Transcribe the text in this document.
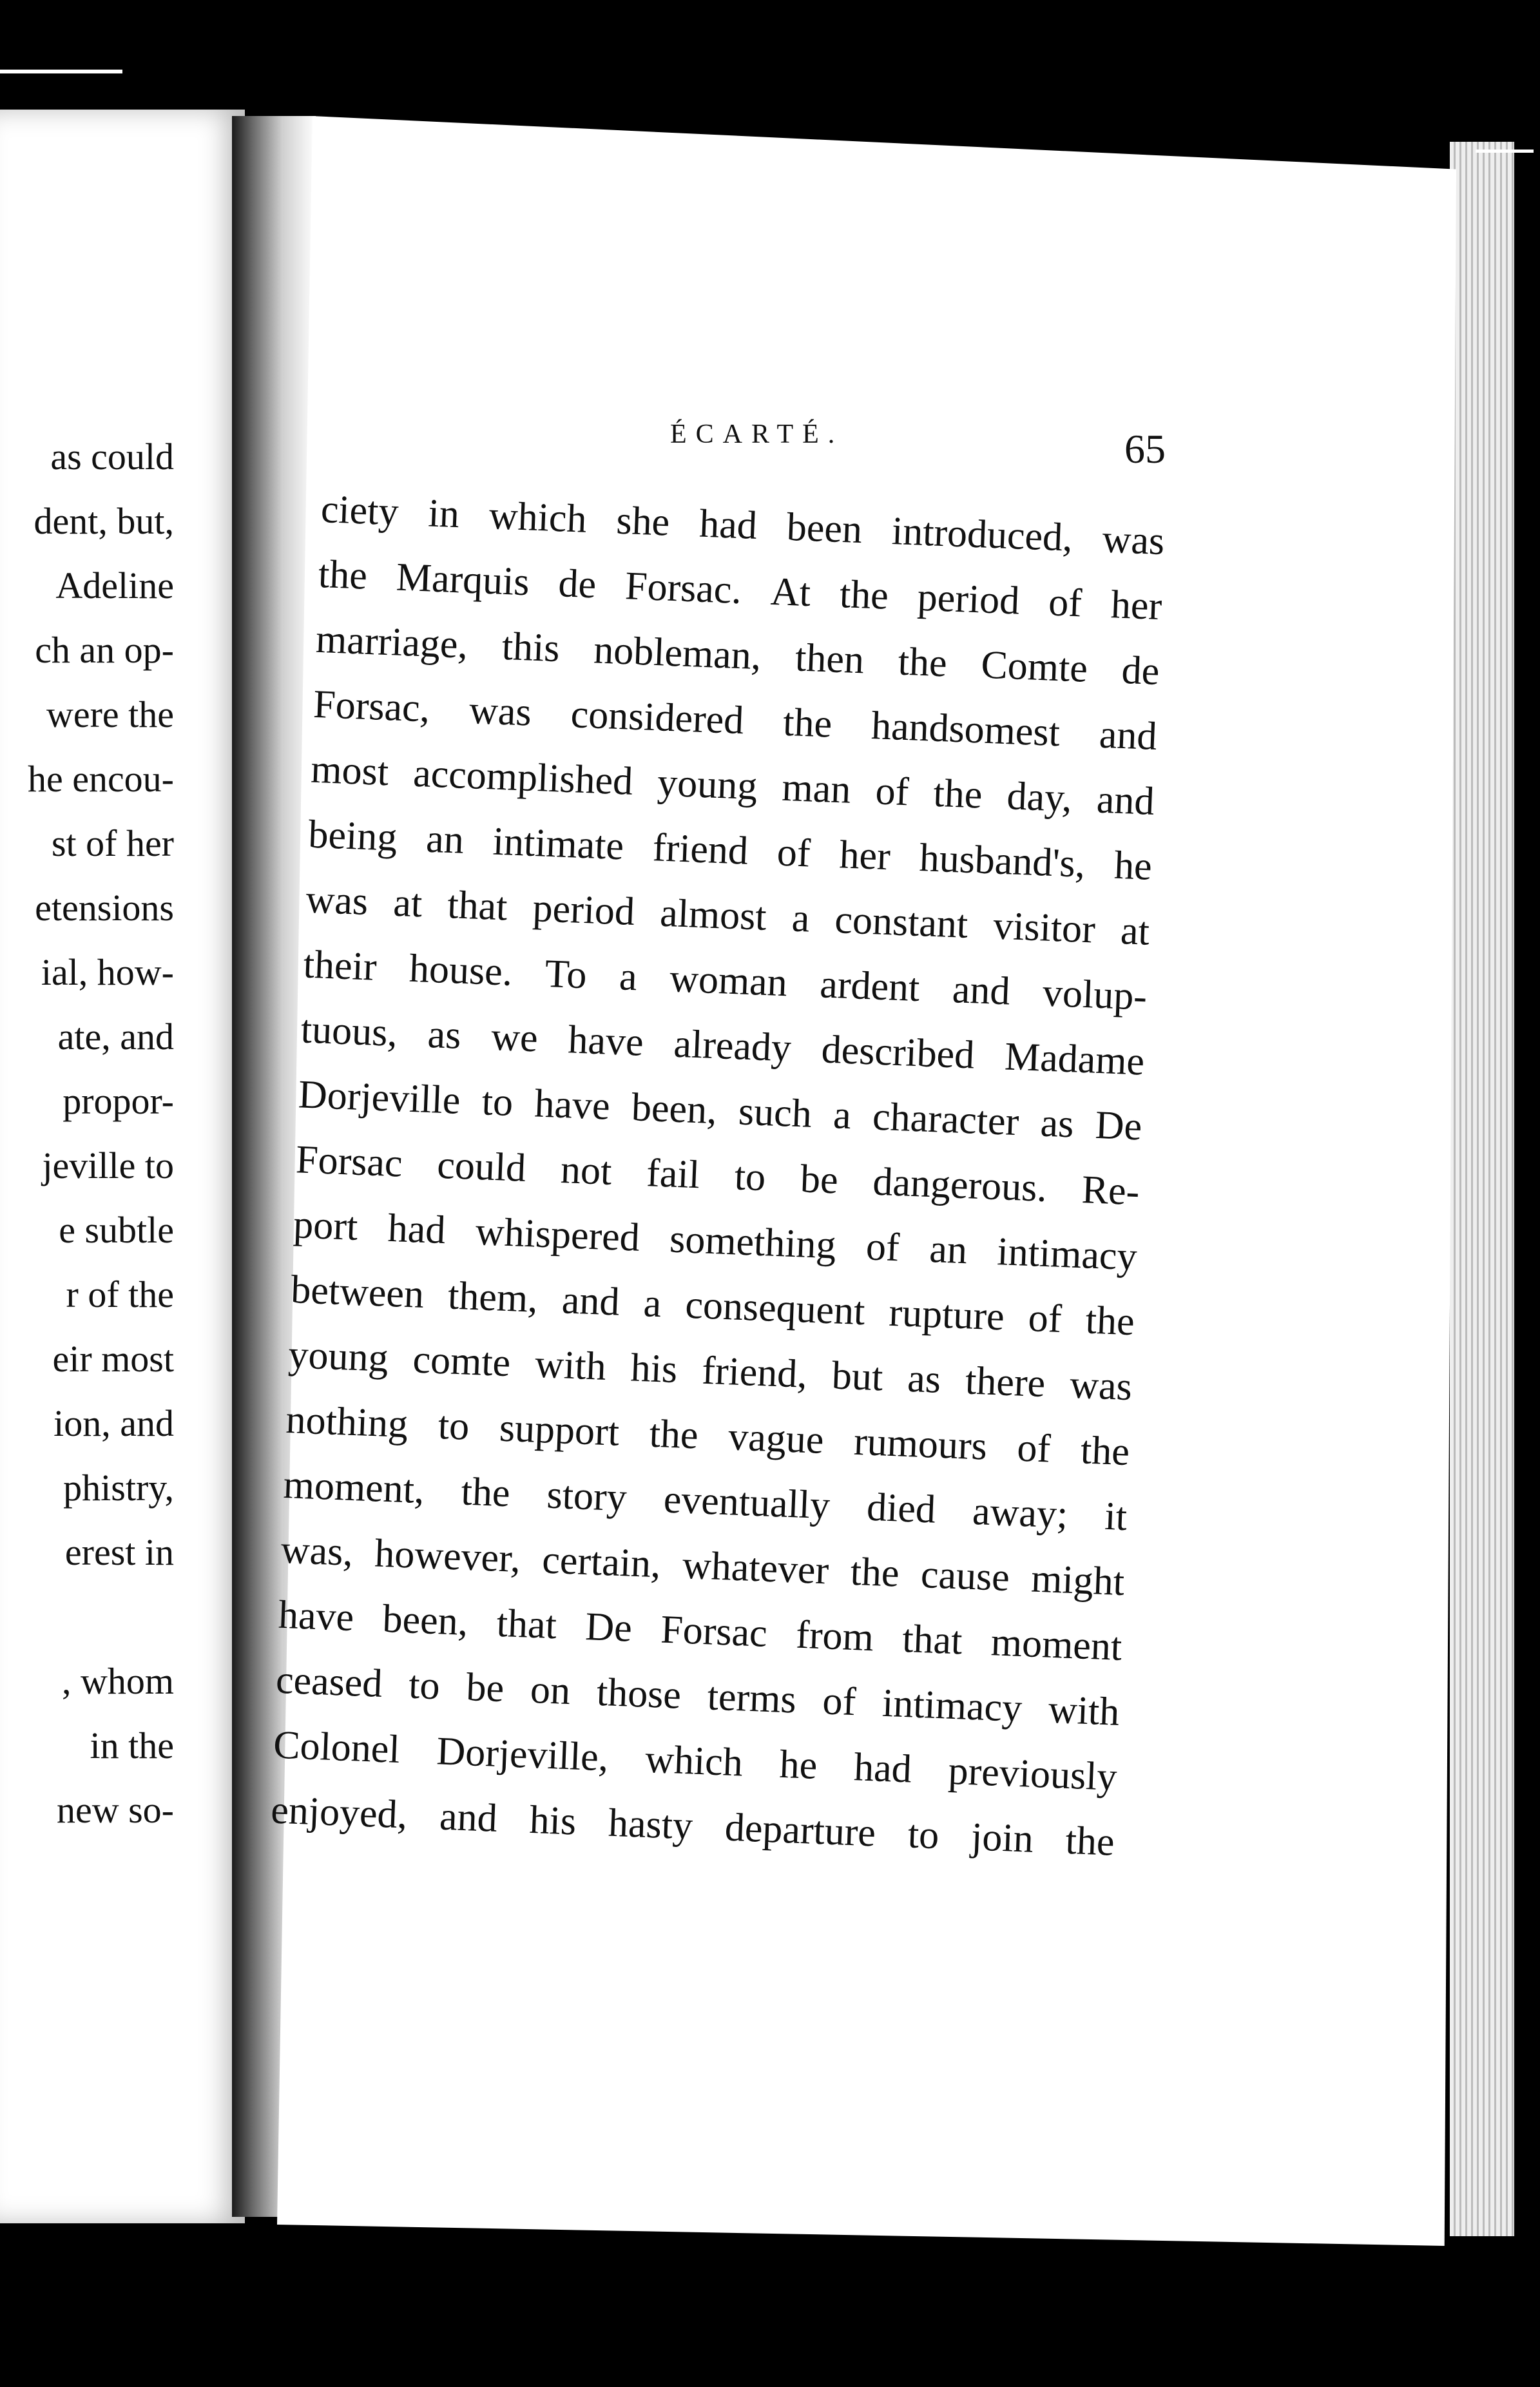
as could
dent, but,
Adeline
ch an op-
were the
he encou-
st of her
etensions
ial, how-
ate, and
propor-
jeville to
e subtle
r of the
eir most
ion, and
phistry,
erest in
, whom
in the
new so-
ÉCARTÉ.	65
ciety in which she had been introduced, was
the Marquis de Forsac. At the period of her
marriage, this nobleman, then the Comte de
Forsac, was considered the handsomest and
most accomplished young man of the day, and
being an intimate friend of her husband's, he
was at that period almost a constant visitor at
their house. To a woman ardent and volup-
tuous, as we have already described Madame
Dorjeville to have been, such a character as De
Forsac could not fail to be dangerous. Re-
port had whispered something of an intimacy
between them, and a consequent rupture of the
young comte with his friend, but as there was
nothing to support the vague rumours of the
moment, the story eventually died away; it
was, however, certain, whatever the cause might
have been, that De Forsac from that moment
ceased to be on those terms of intimacy with
Colonel Dorjeville, which he had previously
enjoyed, and his hasty departure to join the
